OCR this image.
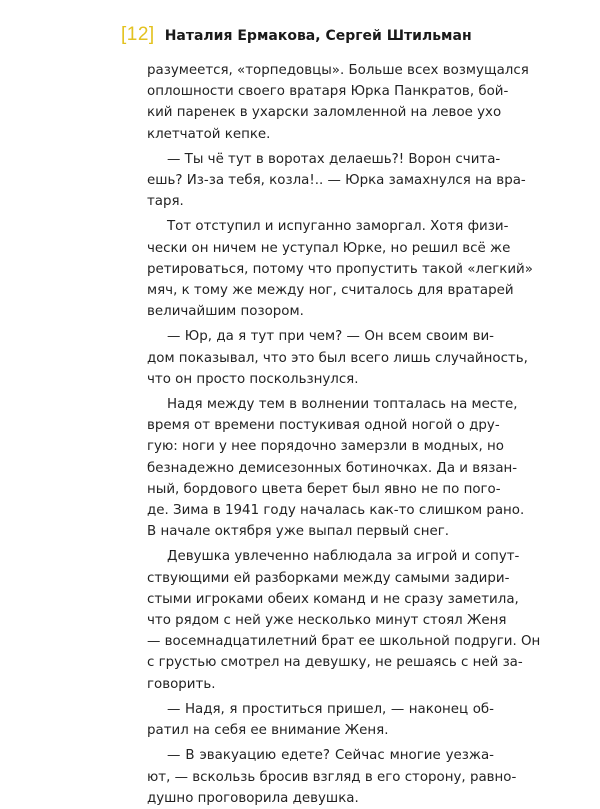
[12] Наталия Ермакова, Сергей Штильман
разумеется, «торпедовцы». Больше всех возмущался
оплошности своего вратаря Юрка Панкратов, бой-
кий паренек в ухарски заломленной на левое ухо
клетчатой кепке.
— Ты чё тут в воротах делаешь?! Ворон счита-
ешь? Из-за тебя, козла!.. — Юрка замахнулся на вра-
таря.
Тот отступил и испуганно заморгал. Хотя физи-
чески он ничем не уступал Юрке, но решил всё же
ретироваться, потому что пропустить такой «легкий»
мяч, к тому же между ног, считалось для вратарей
величайшим позором.
— Юр, да я тут при чем? — Он всем своим ви-
дом показывал, что это был всего лишь случайность,
что он просто поскользнулся.
Надя между тем в волнении топталась на месте,
время от времени постукивая одной ногой о дру-
гую: ноги у нее порядочно замерзли в модных, но
безнадежно демисезонных ботиночках. Да и вязан-
ный, бордового цвета берет был явно не по пого-
де. Зима в 1941 году началась как-то слишком рано.
В начале октября уже выпал первый снег.
Девушка увлеченно наблюдала за игрой и сопут-
ствующими ей разборками между самыми задири-
стыми игроками обеих команд и не сразу заметила,
что рядом с ней уже несколько минут стоял Женя
— восемнадцатилетний брат ее школьной подруги. Он
с грустью смотрел на девушку, не решаясь с ней за-
говорить.
— Надя, я проститься пришел, — наконец об-
ратил на себя ее внимание Женя.
— В эвакуацию едете? Сейчас многие уезжа-
ют, — вскользь бросив взгляд в его сторону, равно-
душно проговорила девушка.
